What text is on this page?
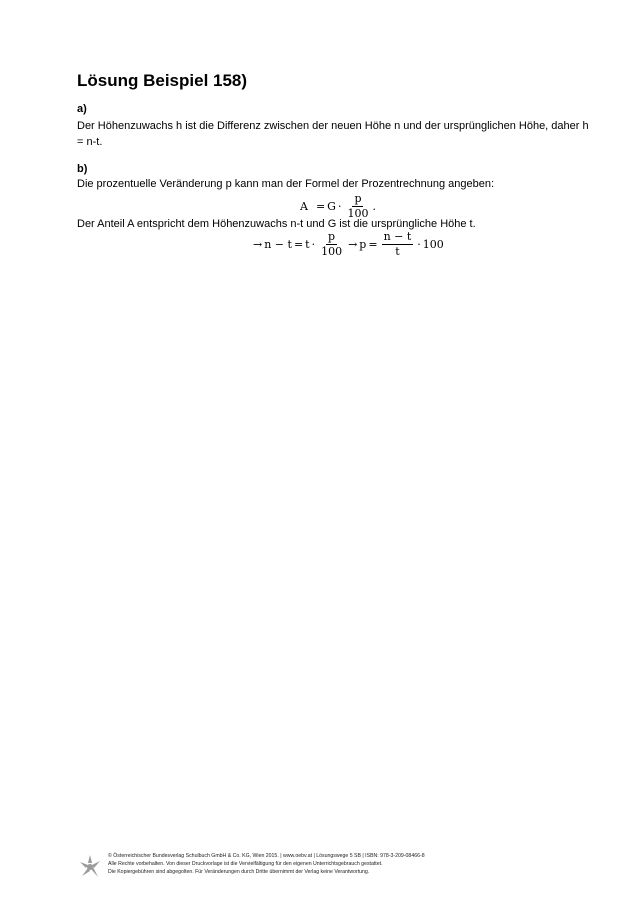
Lösung Beispiel 158)
a)
Der Höhenzuwachs h ist die Differenz zwischen der neuen Höhe n und der ursprünglichen Höhe, daher h = n-t.
b)
Die prozentuelle Veränderung p kann man der Formel der Prozentrechnung angeben:
$A = G \cdot \frac{p}{100}$ .
Der Anteil A entspricht dem Höhenzuwachs n-t und G ist die ursprüngliche Höhe t.
→ $n - t = t \cdot \frac{p}{100} \to p = \frac{n - t}{t} \cdot 100$
© Österreichischer Bundesverlag Schulbuch GmbH & Co. KG, Wien 2015. | www.oebv.at | Lösungswege 5 SB | ISBN: 978-3-209-08466-8
Alle Rechte vorbehalten. Von dieser Druckvorlage ist die Vervielfältigung für den eigenen Unterrichtsgebrauch gestattet.
Die Kopiergebühren sind abgegolten. Für Veränderungen durch Dritte übernimmt der Verlag keine Verantwortung.
